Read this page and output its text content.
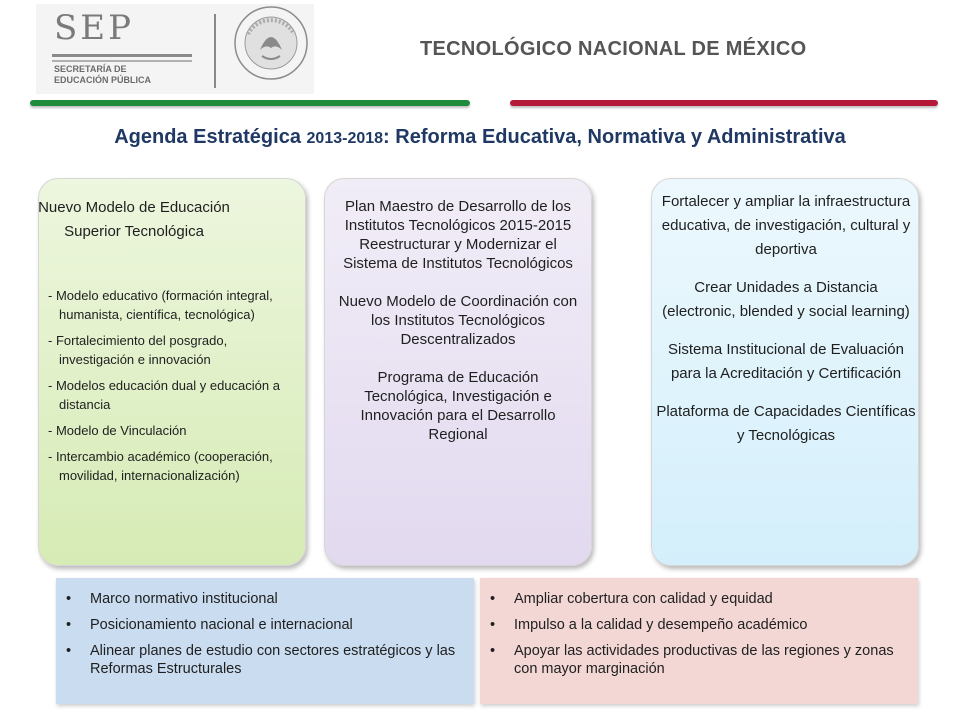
SEP
SECRETARÍA DE
EDUCACIÓN PÚBLICA
TECNOLÓGICO NACIONAL DE MÉXICO
Agenda Estratégica 2013-2018: Reforma Educativa, Normativa y Administrativa
Nuevo Modelo de Educación Superior Tecnológica
- Modelo educativo (formación integral, humanista, científica, tecnológica)
- Fortalecimiento del posgrado, investigación e innovación
- Modelos educación dual y educación a distancia
- Modelo de Vinculación
- Intercambio académico (cooperación, movilidad, internacionalización)
Plan Maestro de Desarrollo de los Institutos Tecnológicos 2015-2015 Reestructurar y Modernizar el Sistema de Institutos Tecnológicos
Nuevo Modelo de Coordinación con los Institutos Tecnológicos Descentralizados
Programa de Educación Tecnológica, Investigación e Innovación para el Desarrollo Regional
Fortalecer y ampliar la infraestructura educativa, de investigación, cultural y deportiva
Crear Unidades a Distancia (electronic, blended y social learning)
Sistema Institucional de Evaluación para la Acreditación y Certificación
Plataforma de Capacidades Científicas y Tecnológicas
• Marco normativo institucional
• Posicionamiento nacional e internacional
• Alinear planes de estudio con sectores estratégicos y las Reformas Estructurales
• Ampliar cobertura con calidad y equidad
• Impulso a la calidad y desempeño académico
• Apoyar las actividades productivas de las regiones y zonas con mayor marginación
